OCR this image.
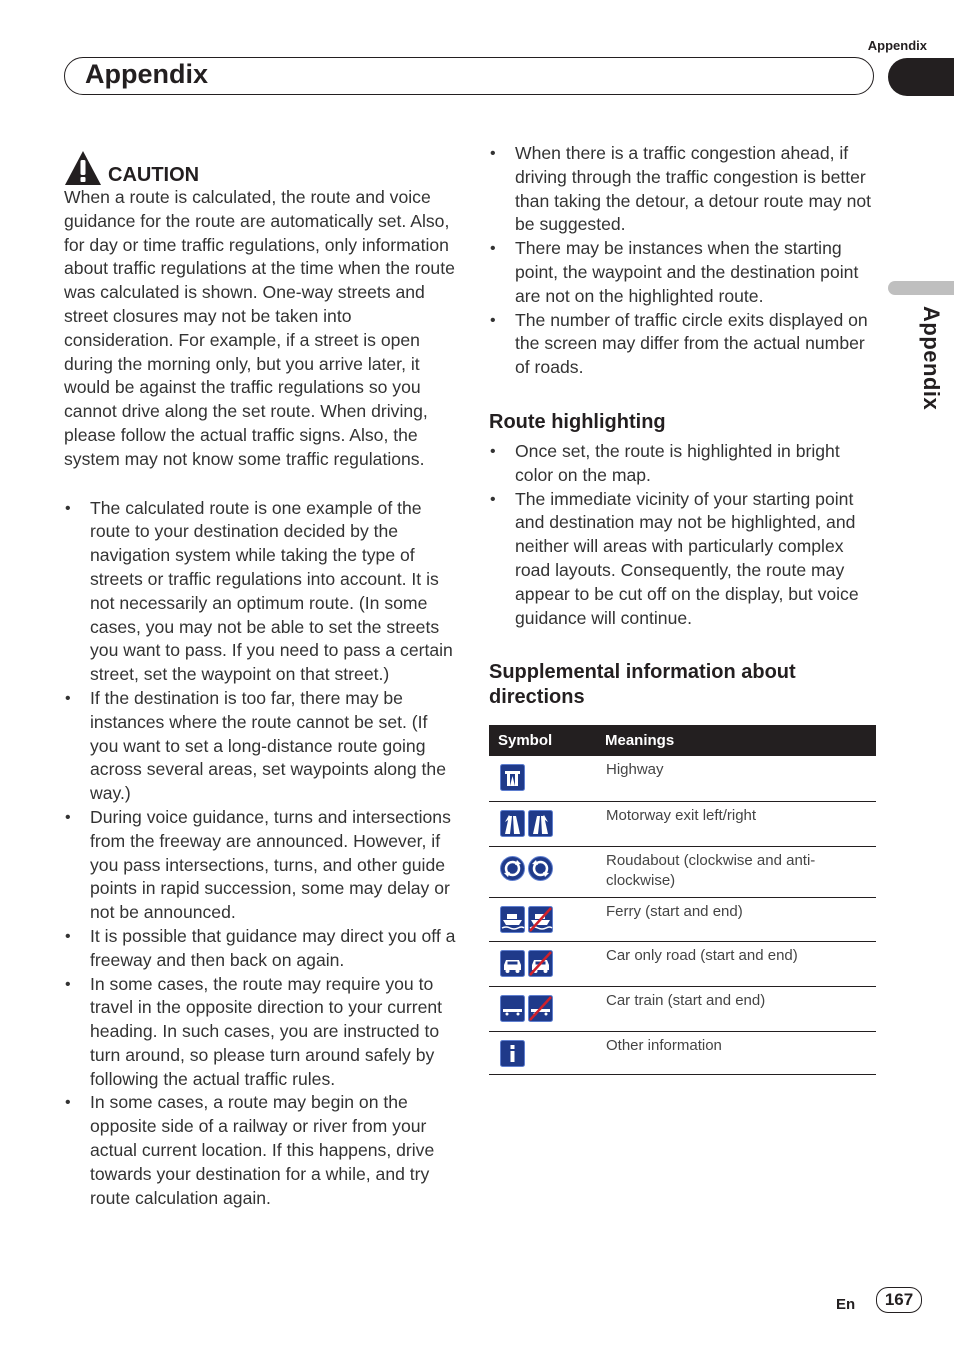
Appendix
Appendix
Appendix
CAUTION

When a route is calculated, the route and voice guidance for the route are automatically set. Also, for day or time traffic regulations, only information about traffic regulations at the time when the route was calculated is shown. One-way streets and street closures may not be taken into consideration. For example, if a street is open during the morning only, but you arrive later, it would be against the traffic regulations so you cannot drive along the set route. When driving, please follow the actual traffic signs. Also, the system may not know some traffic regulations.

• The calculated route is one example of the route to your destination decided by the navigation system while taking the type of streets or traffic regulations into account. It is not necessarily an optimum route. (In some cases, you may not be able to set the streets you want to pass. If you need to pass a certain street, set the waypoint on that street.)
• If the destination is too far, there may be instances where the route cannot be set. (If you want to set a long-distance route going across several areas, set waypoints along the way.)
• During voice guidance, turns and intersections from the freeway are announced. However, if you pass intersections, turns, and other guide points in rapid succession, some may delay or not be announced.
• It is possible that guidance may direct you off a freeway and then back on again.
• In some cases, the route may require you to travel in the opposite direction to your current heading. In such cases, you are instructed to turn around, so please turn around safely by following the actual traffic rules.
• In some cases, a route may begin on the opposite side of a railway or river from your actual current location. If this happens, drive towards your destination for a while, and try route calculation again.
• When there is a traffic congestion ahead, if driving through the traffic congestion is better than taking the detour, a detour route may not be suggested.
• There may be instances when the starting point, the waypoint and the destination point are not on the highlighted route.
• The number of traffic circle exits displayed on the screen may differ from the actual number of roads.
Route highlighting
• Once set, the route is highlighted in bright color on the map.
• The immediate vicinity of your starting point and destination may not be highlighted, and neither will areas with particularly complex road layouts. Consequently, the route may appear to be cut off on the display, but voice guidance will continue.
Supplemental information about directions
Symbol	Meanings

	Highway

	Motorway exit left/right

	Roudabout (clockwise and anti-clockwise)

	Ferry (start and end)

	Car only road (start and end)

	Car train (start and end)

	Other information
En	167
